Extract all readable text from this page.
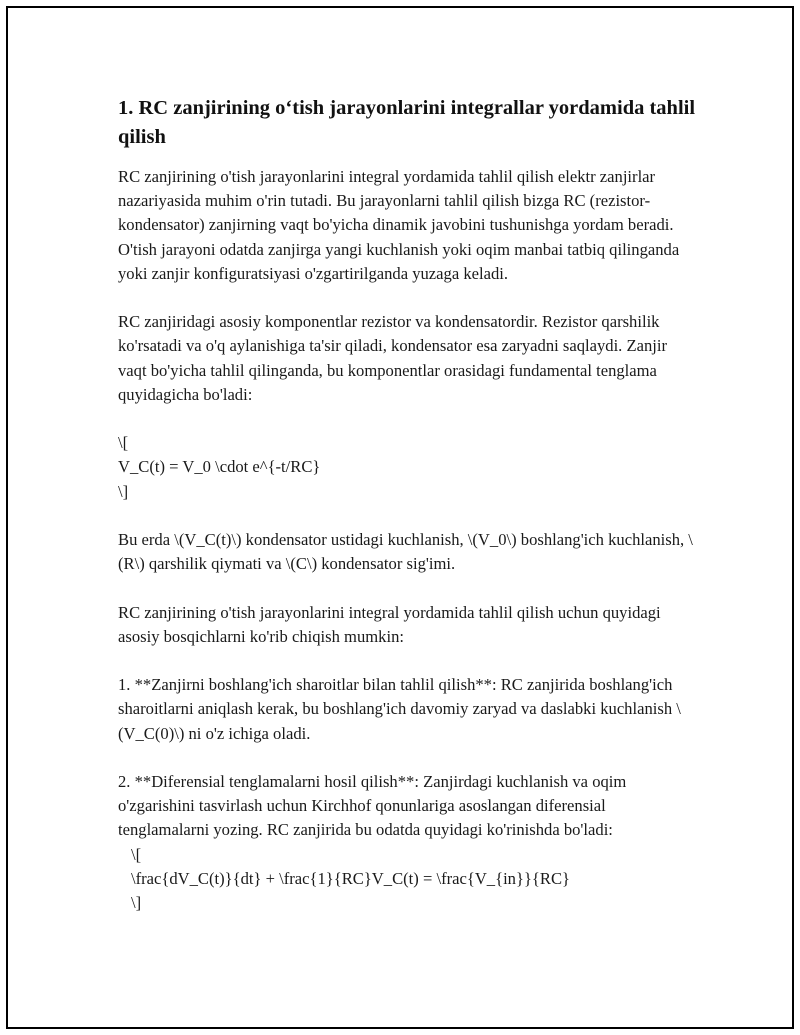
1. RC zanjirining o‘tish jarayonlarini integrallar yordamida tahlil qilish

RC zanjirining o'tish jarayonlarini integral yordamida tahlil qilish elektr zanjirlar nazariyasida muhim o'rin tutadi. Bu jarayonlarni tahlil qilish bizga RC (rezistor-kondensator) zanjirning vaqt bo'yicha dinamik javobini tushunishga yordam beradi. O'tish jarayoni odatda zanjirga yangi kuchlanish yoki oqim manbai tatbiq qilinganda yoki zanjir konfiguratsiyasi o'zgartirilganda yuzaga keladi.

RC zanjiridagi asosiy komponentlar rezistor va kondensatordir. Rezistor qarshilik ko'rsatadi va o'q aylanishiga ta'sir qiladi, kondensator esa zaryadni saqlaydi. Zanjir vaqt bo'yicha tahlil qilinganda, bu komponentlar orasidagi fundamental tenglama quyidagicha bo'ladi:

\[

V_C(t) = V_0 \cdot e^{-t/RC}

\]

Bu erda \(V_C(t)\) kondensator ustidagi kuchlanish, \(V_0\) boshlang'ich kuchlanish, \(R\) qarshilik qiymati va \(C\) kondensator sig'imi.

RC zanjirining o'tish jarayonlarini integral yordamida tahlil qilish uchun quyidagi asosiy bosqichlarni ko'rib chiqish mumkin:

1. **Zanjirni boshlang'ich sharoitlar bilan tahlil qilish**: RC zanjirida boshlang'ich sharoitlarni aniqlash kerak, bu boshlang'ich davomiy zaryad va daslabki kuchlanish \(V_C(0)\) ni o'z ichiga oladi.

2. **Diferensial tenglamalarni hosil qilish**: Zanjirdagi kuchlanish va oqim o'zgarishini tasvirlash uchun Kirchhof qonunlariga asoslangan diferensial tenglamalarni yozing. RC zanjirida bu odatda quyidagi ko'rinishda bo'ladi:

\[

\frac{dV_C(t)}{dt} + \frac{1}{RC}V_C(t) = \frac{V_{in}}{RC}

\]
